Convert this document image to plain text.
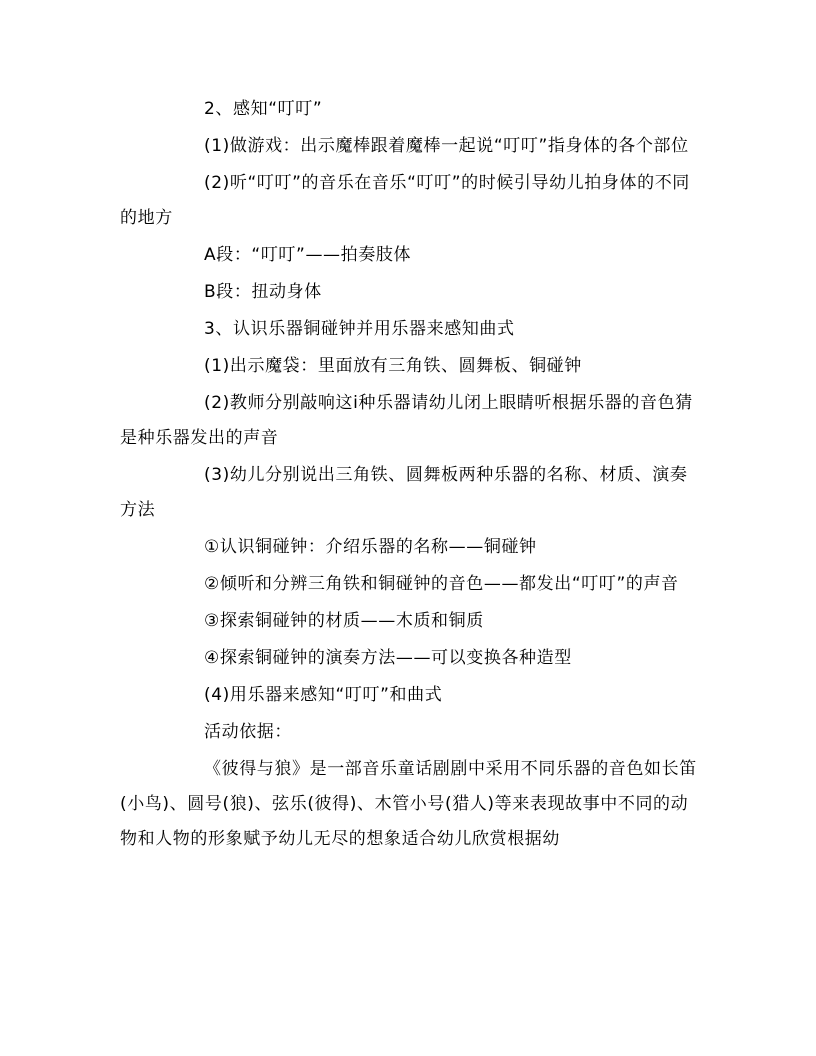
2、感知“叮叮”

(1)做游戏：出示魔棒跟着魔棒一起说“叮叮”指身体的各个部位

(2)听“叮叮”的音乐在音乐“叮叮”的时候引导幼儿拍身体的不同的地方

A段：“叮叮”——拍奏肢体

B段：扭动身体

3、认识乐器铜碰钟并用乐器来感知曲式

(1)出示魔袋：里面放有三角铁、圆舞板、铜碰钟

(2)教师分别敲响这i种乐器请幼儿闭上眼睛听根据乐器的音色猜是种乐器发出的声音

(3)幼儿分别说出三角铁、圆舞板两种乐器的名称、材质、演奏方法

①认识铜碰钟：介绍乐器的名称——铜碰钟

②倾听和分辨三角铁和铜碰钟的音色——都发出“叮叮”的声音

③探索铜碰钟的材质——木质和铜质

④探索铜碰钟的演奏方法——可以变换各种造型

(4)用乐器来感知“叮叮”和曲式

活动依据：

《彼得与狼》是一部音乐童话剧剧中采用不同乐器的音色如长笛(小鸟)、圆号(狼)、弦乐(彼得)、木管小号(猎人)等来表现故事中不同的动物和人物的形象赋予幼儿无尽的想象适合幼儿欣赏根据幼
